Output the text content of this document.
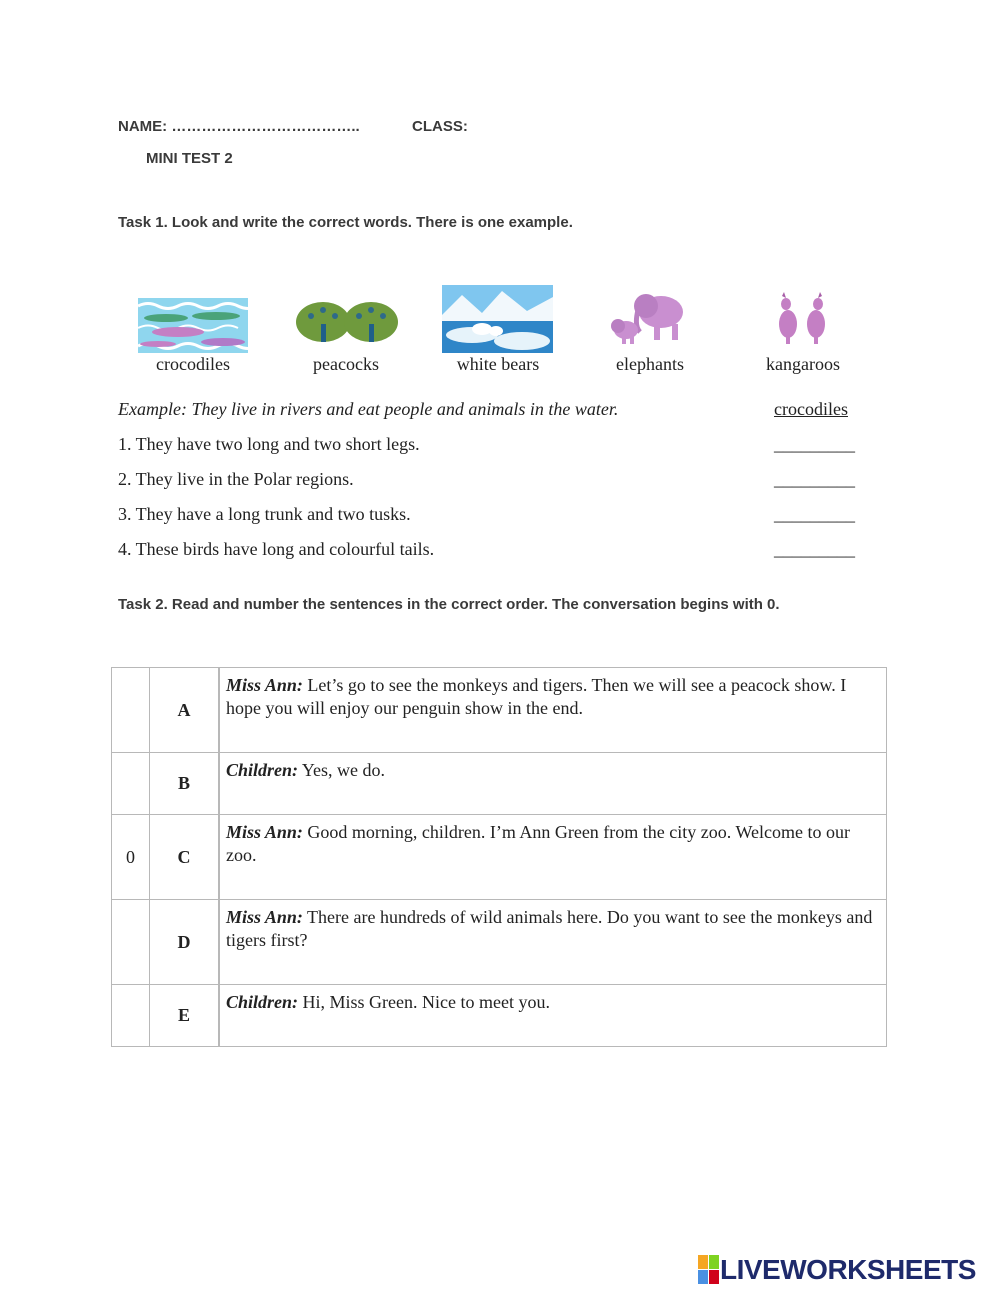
NAME: ………………………………..	CLASS:
MINI TEST 2
Task 1. Look and write the correct words. There is one example.
crocodiles	peacocks	white bears	elephants	kangaroos
Example: They live in rivers and eat people and animals in the water.	crocodiles
1. They have two long and two short legs.	_________
2. They live in the Polar regions.	_________
3. They have a long trunk and two tusks.	_________
4. These birds have long and colourful tails.	_________
Task 2. Read and number the sentences in the correct order. The conversation begins with 0.
	A	Miss Ann: Let’s go to see the monkeys and tigers. Then we will see a peacock show. I hope you will enjoy our penguin show in the end.
	B	Children: Yes, we do.
0	C	Miss Ann: Good morning, children. I’m Ann Green from the city zoo. Welcome to our zoo.
	D	Miss Ann: There are hundreds of wild animals here. Do you want to see the monkeys and tigers first?
	E	Children: Hi, Miss Green. Nice to meet you.
LIVEWORKSHEETS
